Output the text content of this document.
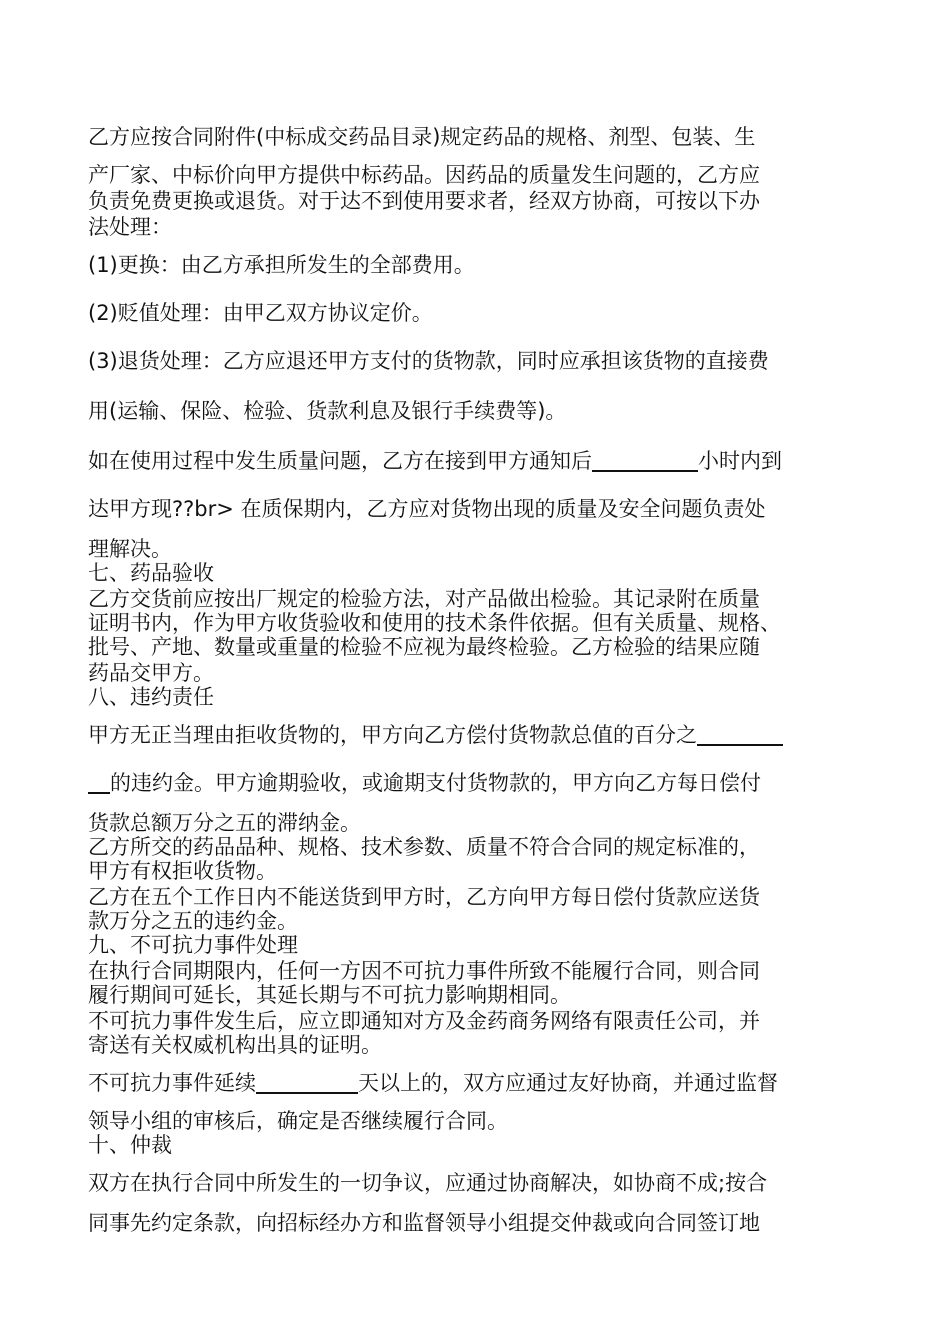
乙方应按合同附件(中标成交药品目录)规定药品的规格、剂型、包装、生
产厂家、中标价向甲方提供中标药品。因药品的质量发生问题的，乙方应
负责免费更换或退货。对于达不到使用要求者，经双方协商，可按以下办
法处理：
(1)更换：由乙方承担所发生的全部费用。
(2)贬值处理：由甲乙双方协议定价。
(3)退货处理：乙方应退还甲方支付的货物款，同时应承担该货物的直接费
用(运输、保险、检验、货款利息及银行手续费等)。
如在使用过程中发生质量问题，乙方在接到甲方通知后	小时内到
达甲方现??br> 在质保期内，乙方应对货物出现的质量及安全问题负责处
理解决。
七、药品验收
乙方交货前应按出厂规定的检验方法，对产品做出检验。其记录附在质量
证明书内，作为甲方收货验收和使用的技术条件依据。但有关质量、规格、
批号、产地、数量或重量的检验不应视为最终检验。乙方检验的结果应随
药品交甲方。
八、违约责任
甲方无正当理由拒收货物的，甲方向乙方偿付货物款总值的百分之
的违约金。甲方逾期验收，或逾期支付货物款的，甲方向乙方每日偿付
货款总额万分之五的滞纳金。
乙方所交的药品品种、规格、技术参数、质量不符合合同的规定标准的，
甲方有权拒收货物。
乙方在五个工作日内不能送货到甲方时，乙方向甲方每日偿付货款应送货
款万分之五的违约金。
九、不可抗力事件处理
在执行合同期限内，任何一方因不可抗力事件所致不能履行合同，则合同
履行期间可延长，其延长期与不可抗力影响期相同。
不可抗力事件发生后，应立即通知对方及金药商务网络有限责任公司，并
寄送有关权威机构出具的证明。
不可抗力事件延续	天以上的，双方应通过友好协商，并通过监督
领导小组的审核后，确定是否继续履行合同。
十、仲裁
双方在执行合同中所发生的一切争议，应通过协商解决，如协商不成;按合
同事先约定条款，向招标经办方和监督领导小组提交仲裁或向合同签订地
